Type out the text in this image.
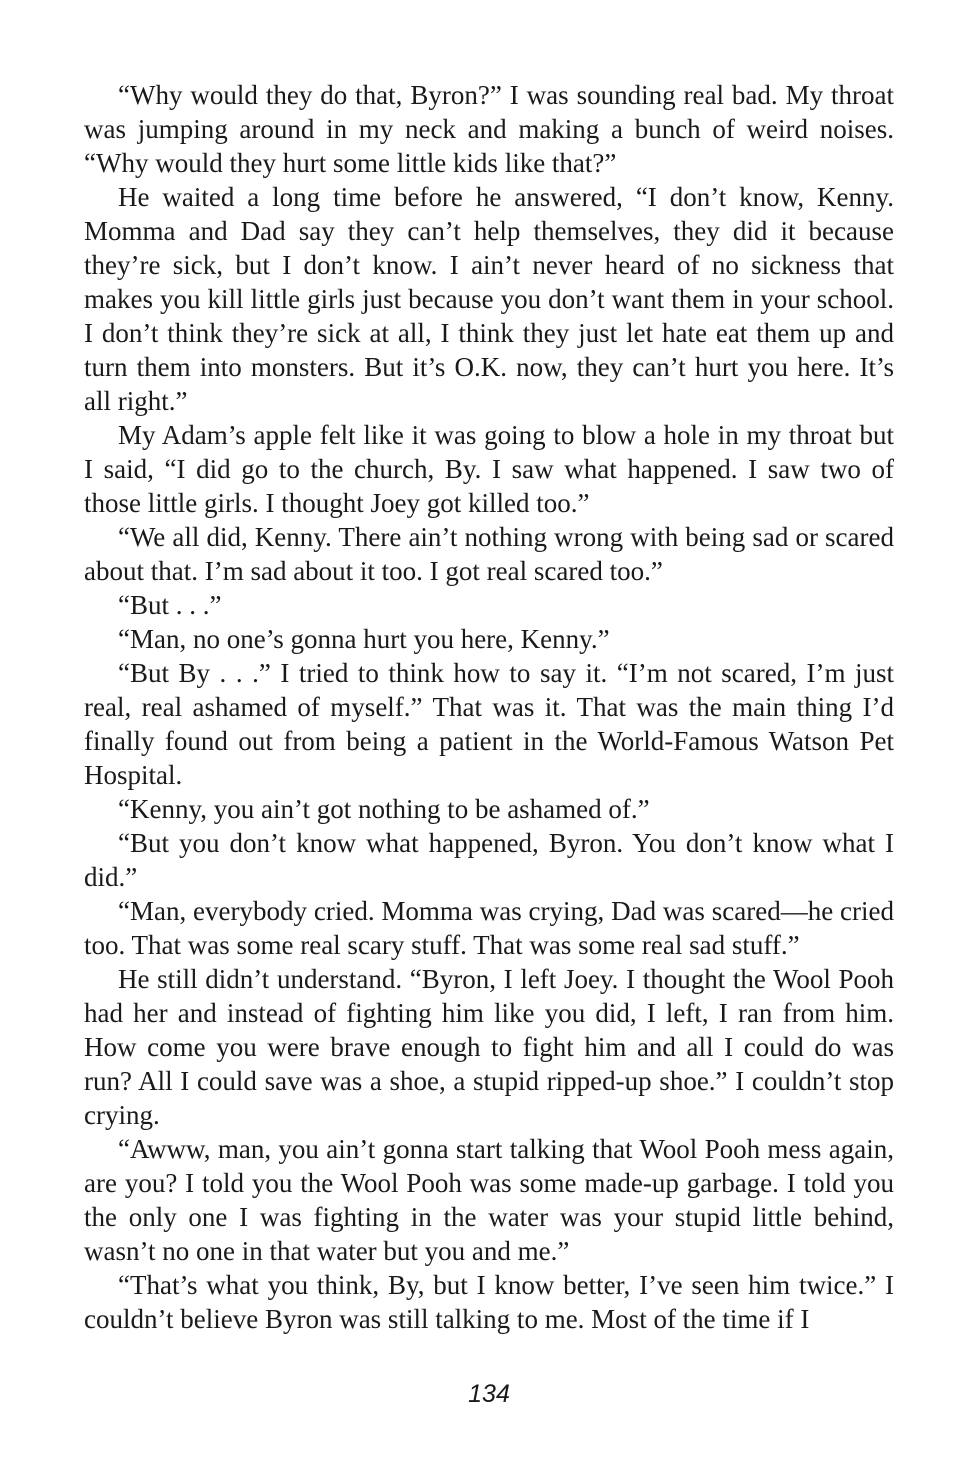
“Why would they do that, Byron?” I was sounding real bad. My throat was jumping around in my neck and making a bunch of weird noises. “Why would they hurt some little kids like that?”

He waited a long time before he answered, “I don’t know, Kenny. Momma and Dad say they can’t help themselves, they did it because they’re sick, but I don’t know. I ain’t never heard of no sickness that makes you kill little girls just because you don’t want them in your school. I don’t think they’re sick at all, I think they just let hate eat them up and turn them into monsters. But it’s O.K. now, they can’t hurt you here. It’s all right.”

My Adam’s apple felt like it was going to blow a hole in my throat but I said, “I did go to the church, By. I saw what happened. I saw two of those little girls. I thought Joey got killed too.”

“We all did, Kenny. There ain’t nothing wrong with being sad or scared about that. I’m sad about it too. I got real scared too.”

“But . . .”

“Man, no one’s gonna hurt you here, Kenny.”

“But By . . .” I tried to think how to say it. “I’m not scared, I’m just real, real ashamed of myself.” That was it. That was the main thing I’d finally found out from being a patient in the World-Famous Watson Pet Hospital.

“Kenny, you ain’t got nothing to be ashamed of.”

“But you don’t know what happened, Byron. You don’t know what I did.”

“Man, everybody cried. Momma was crying, Dad was scared—he cried too. That was some real scary stuff. That was some real sad stuff.”

He still didn’t understand. “Byron, I left Joey. I thought the Wool Pooh had her and instead of fighting him like you did, I left, I ran from him. How come you were brave enough to fight him and all I could do was run? All I could save was a shoe, a stupid ripped-up shoe.” I couldn’t stop crying.

“Awww, man, you ain’t gonna start talking that Wool Pooh mess again, are you? I told you the Wool Pooh was some made-up garbage. I told you the only one I was fighting in the water was your stupid little behind, wasn’t no one in that water but you and me.”

“That’s what you think, By, but I know better, I’ve seen him twice.” I couldn’t believe Byron was still talking to me. Most of the time if I

134
